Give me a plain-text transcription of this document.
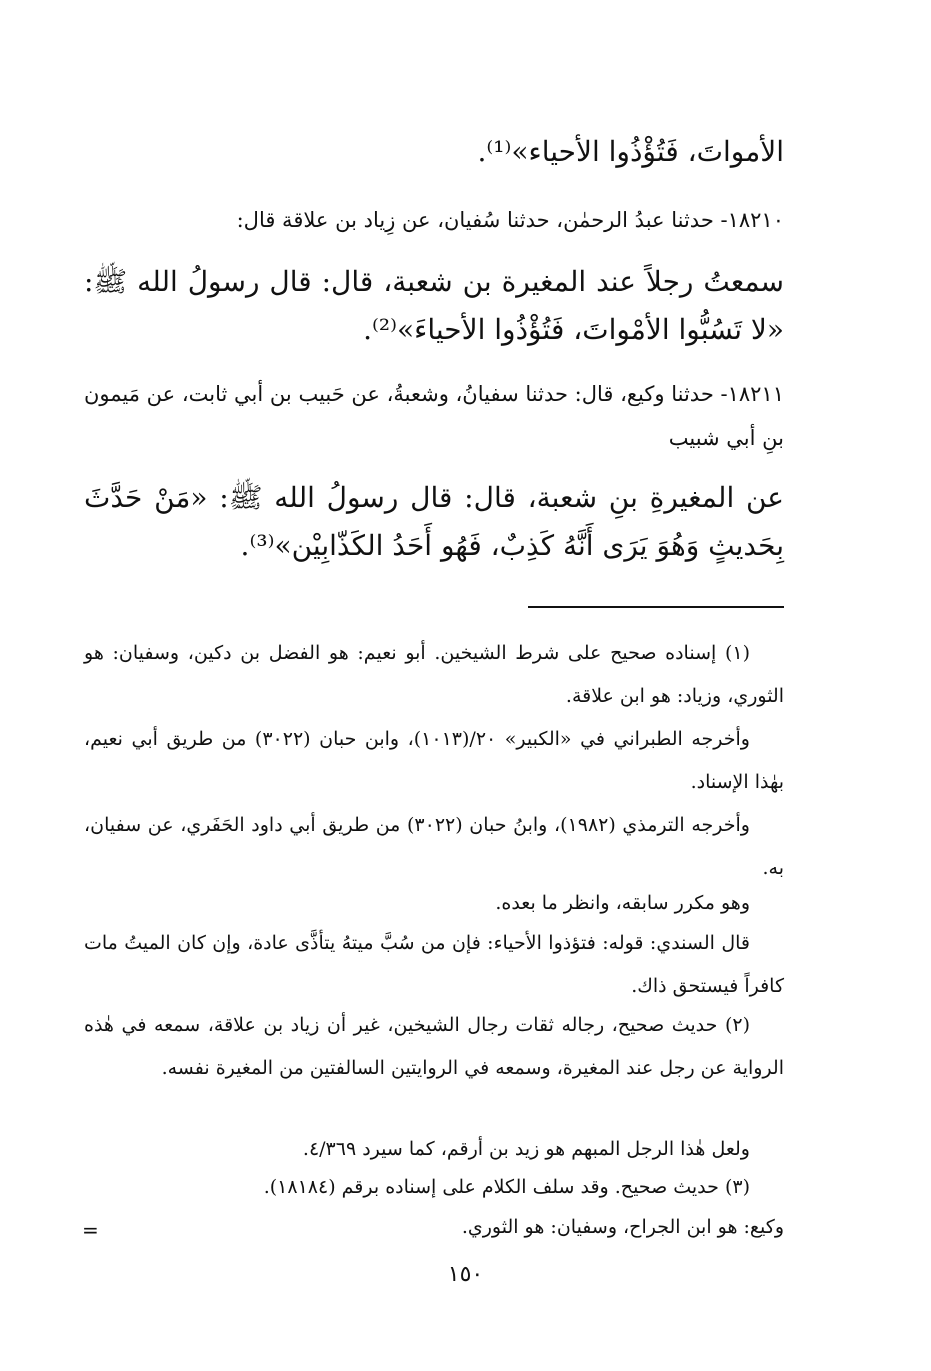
الأمواتَ، فَتُؤْذُوا الأحياء»⁽¹⁾.
١٨٢١٠- حدثنا عبدُ الرحمٰن، حدثنا سُفيان، عن زِياد بن علاقة قال:
سمعتُ رجلاً عند المغيرة بن شعبة، قال: قال رسولُ الله ﷺ: «لا تَسُبُّوا الأمْواتَ، فَتُؤْذُوا الأحياءَ»⁽²⁾.
١٨٢١١- حدثنا وكيع، قال: حدثنا سفيانُ، وشعبةُ، عن حَبيب بن أبي ثابت، عن مَيمون بنِ أبي شبيب
عن المغيرةِ بنِ شعبة، قال: قال رسولُ الله ﷺ: «مَنْ حَدَّثَ بِحَديثٍ وَهُوَ يَرَى أَنَّهُ كَذِبٌ، فَهُو أَحَدُ الكَذّابِيْن»⁽³⁾.
(١) إسناده صحيح على شرط الشيخين. أبو نعيم: هو الفضل بن دكين، وسفيان: هو الثوري، وزياد: هو ابن علاقة.
وأخرجه الطبراني في «الكبير» ٢٠/(١٠١٣)، وابن حبان (٣٠٢٢) من طريق أبي نعيم، بهٰذا الإسناد.
وأخرجه الترمذي (١٩٨٢)، وابنُ حبان (٣٠٢٢) من طريق أبي داود الحَفَري، عن سفيان، به.
وهو مكرر سابقه، وانظر ما بعده.
قال السندي: قوله: فتؤذوا الأحياء: فإن من سُبَّ ميتهُ يتأذَّى عادة، وإن كان الميتُ مات كافراً فيستحق ذاك.
(٢) حديث صحيح، رجاله ثقات رجال الشيخين، غير أن زياد بن علاقة، سمعه في هٰذه الرواية عن رجل عند المغيرة، وسمعه في الروايتين السالفتين من المغيرة نفسه.
ولعل هٰذا الرجل المبهم هو زيد بن أرقم، كما سيرد ٤/٣٦٩.
(٣) حديث صحيح. وقد سلف الكلام على إسناده برقم (١٨١٨٤).
وكيع: هو ابن الجراح، وسفيان: هو الثوري.
=
١٥٠
